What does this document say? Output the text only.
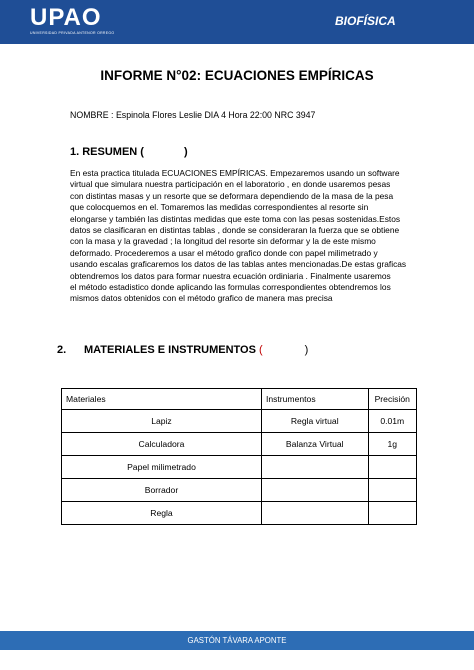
UPAO
UNIVERSIDAD PRIVADA ANTENOR ORREGO
BIOFÍSICA
INFORME N°02: ECUACIONES EMPÍRICAS
NOMBRE : Espinola Flores Leslie DIA 4 Hora 22:00 NRC 3947
1. RESUMEN (	)

En esta practica titulada ECUACIONES EMPÍRICAS. Empezaremos usando un software

virtual que simulara nuestra participación en el laboratorio , en donde usaremos pesas

con distintas masas y un resorte que se deformara dependiendo de la masa de la pesa

que colocquemos en el. Tomaremos las medidas correspondientes al resorte sin

elongarse y también las distintas medidas que este toma con las pesas sostenidas.Estos

datos se clasificaran en distintas tablas , donde se consideraran la fuerza que se obtiene

con la masa y la gravedad ; la longitud del resorte sin deformar y la de este mismo

deformado. Procederemos a usar el método grafico donde con papel milimetrado y

usando escalas graficaremos los datos de las tablas antes mencionadas.De estas graficas

obtendremos los datos para formar nuestra ecuación ordiniaria . Finalmente usaremos

el método estadistico donde aplicando las formulas correspondientes obtendremos los

mismos datos obtenidos con el método grafico de manera mas precisa

2. MATERIALES E INSTRUMENTOS (	)
Materiales	Instrumentos	Precisión
Lapiz	Regla virtual	0.01m
Calculadora	Balanza Virtual	1g
Papel milimetrado		
Borrador		
Regla		
GASTÓN TÁVARA APONTE
